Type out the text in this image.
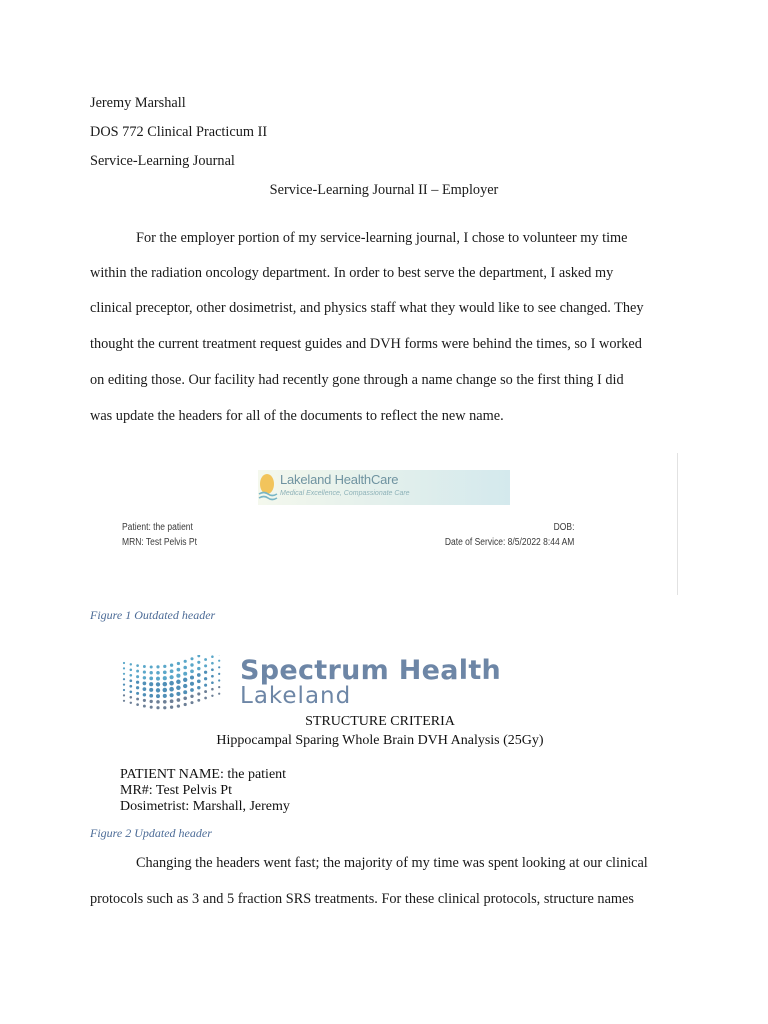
Jeremy Marshall
DOS 772 Clinical Practicum II
Service-Learning Journal
Service-Learning Journal II – Employer
For the employer portion of my service-learning journal, I chose to volunteer my time
within the radiation oncology department. In order to best serve the department, I asked my
clinical preceptor, other dosimetrist, and physics staff what they would like to see changed. They
thought the current treatment request guides and DVH forms were behind the times, so I worked
on editing those. Our facility had recently gone through a name change so the first thing I did
was update the headers for all of the documents to reflect the new name.
Lakeland HealthCare
Medical Excellence, Compassionate Care
Patient: the patient
MRN: Test Pelvis Pt
DOB:
Date of Service: 8/5/2022 8:44 AM
Figure 1 Outdated header
Spectrum Health
Lakeland
STRUCTURE CRITERIA
Hippocampal Sparing Whole Brain DVH Analysis (25Gy)
PATIENT NAME: the patient
MR#: Test Pelvis Pt
Dosimetrist: Marshall, Jeremy
Figure 2 Updated header
Changing the headers went fast; the majority of my time was spent looking at our clinical
protocols such as 3 and 5 fraction SRS treatments. For these clinical protocols, structure names
